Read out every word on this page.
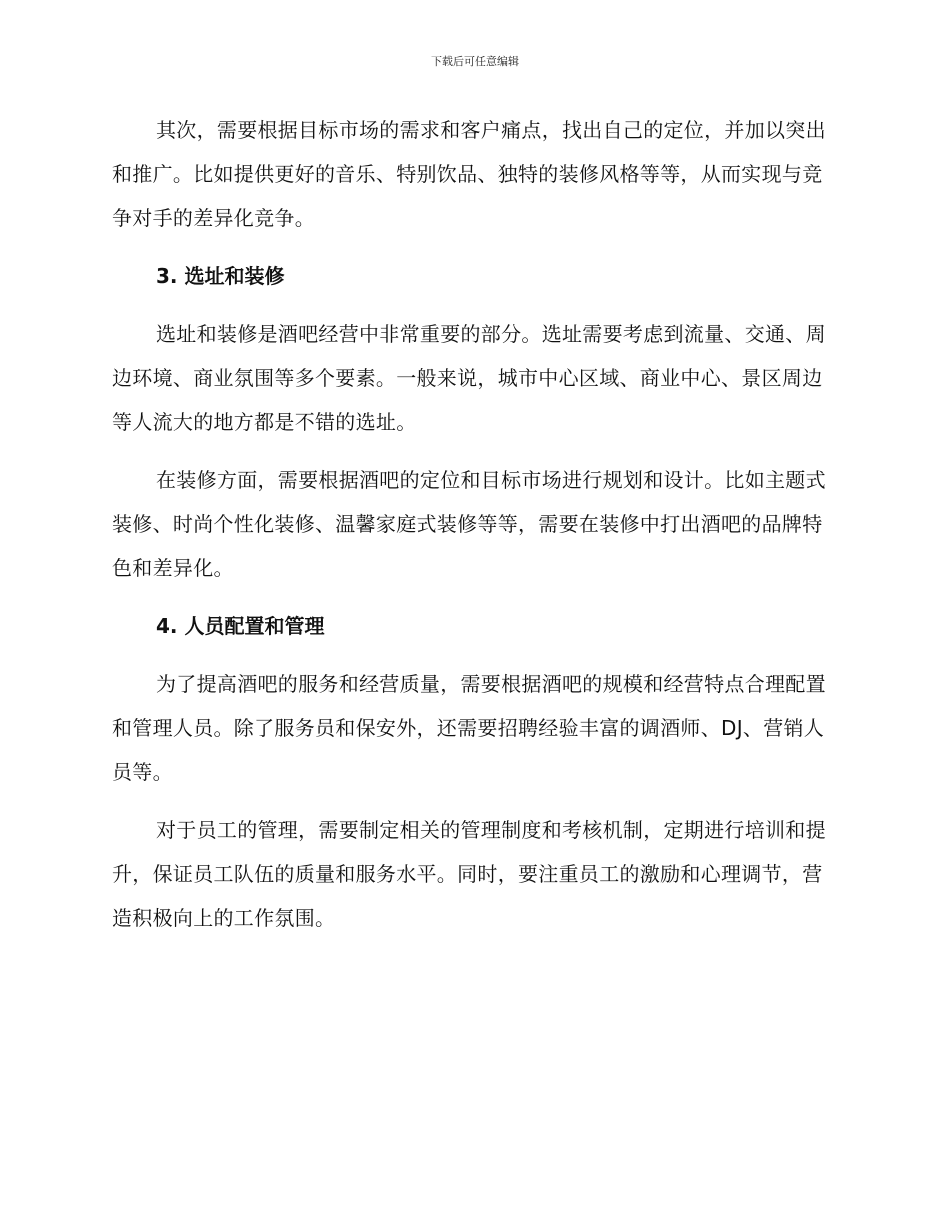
下载后可任意编辑

其次，需要根据目标市场的需求和客户痛点，找出自己的定位，并加以突出和推广。比如提供更好的音乐、特别饮品、独特的装修风格等等，从而实现与竞争对手的差异化竞争。

3. 选址和装修

选址和装修是酒吧经营中非常重要的部分。选址需要考虑到流量、交通、周边环境、商业氛围等多个要素。一般来说，城市中心区域、商业中心、景区周边等人流大的地方都是不错的选址。

在装修方面，需要根据酒吧的定位和目标市场进行规划和设计。比如主题式装修、时尚个性化装修、温馨家庭式装修等等，需要在装修中打出酒吧的品牌特色和差异化。

4. 人员配置和管理

为了提高酒吧的服务和经营质量，需要根据酒吧的规模和经营特点合理配置和管理人员。除了服务员和保安外，还需要招聘经验丰富的调酒师、DJ、营销人员等。

对于员工的管理，需要制定相关的管理制度和考核机制，定期进行培训和提升，保证员工队伍的质量和服务水平。同时，要注重员工的激励和心理调节，营造积极向上的工作氛围。
